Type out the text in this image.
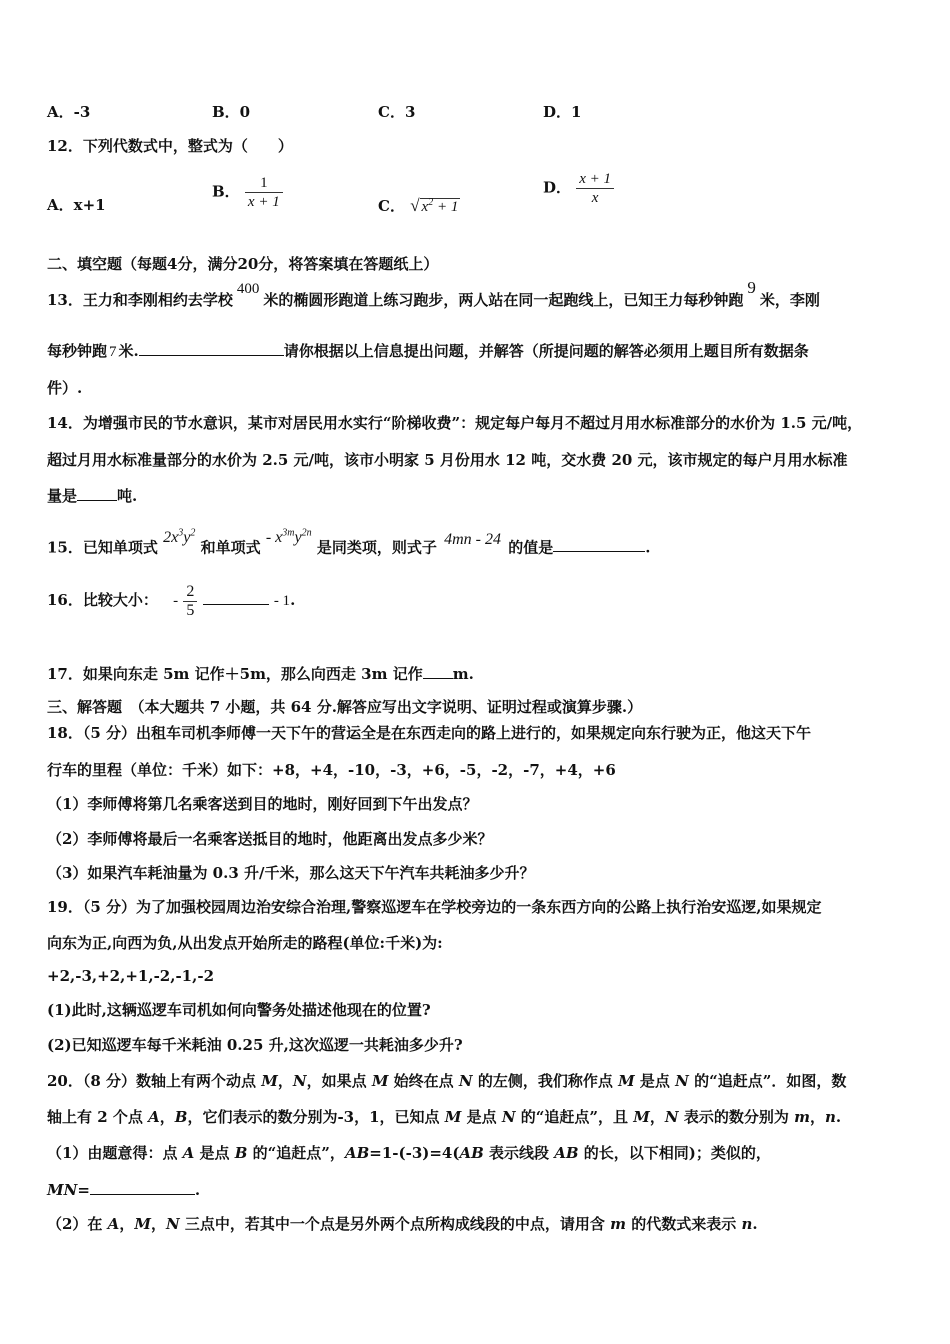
A．-3	B．0	C．3	D．1
12．下列代数式中，整式为（　　）
A．x+1
B． $\frac{1}{x + 1}$	C． √ $x^2 + 1$
D． $\frac{x + 1}{x}$
二、填空题（每题4分，满分20分，将答案填在答题纸上）
13．王力和李刚相约去学校400米的椭圆形跑道上练习跑步，两人站在同一起跑线上，已知王力每秒钟跑9米，李刚
每秒钟跑 7 米.	请你根据以上信息提出问题，并解答（所提问题的解答必须用上题目所有数据条
件）.
14．为增强市民的节水意识，某市对居民用水实行“阶梯收费”：规定每户每月不超过月用水标准部分的水价为 1.5 元/吨，
超过月用水标准量部分的水价为 2.5 元/吨，该市小明家 5 月份用水 12 吨，交水费 20 元，该市规定的每户月用水标准
量是	吨.
15．已知单项式 $2x^3y^2$ 和单项式 - $x^{3m}y^{2n}$ 是同类项，则式子 4mn - 24 的值是	.
16．比较大小： - $\frac{2}{5}$	- 1.
17．如果向东走 5m 记作＋5m，那么向西走 3m 记作 m.
三、解答题　（本大题共 7 小题，共 64 分.解答应写出文字说明、证明过程或演算步骤.）
18．（5 分）出租车司机李师傅一天下午的营运全是在东西走向的路上进行的，如果规定向东行驶为正，他这天下午
行车的里程（单位：千米）如下：+8，+4，-10，-3，+6，-5，-2，-7，+4，+6
（1）李师傅将第几名乘客送到目的地时，刚好回到下午出发点？
（2）李师傅将最后一名乘客送抵目的地时，他距离出发点多少米？
（3）如果汽车耗油量为 0.3 升/千米，那么这天下午汽车共耗油多少升？
19．（5 分）为了加强校园周边治安综合治理,警察巡逻车在学校旁边的一条东西方向的公路上执行治安巡逻,如果规定
向东为正,向西为负,从出发点开始所走的路程(单位:千米)为:
+2,-3,+2,+1,-2,-1,-2
(1)此时,这辆巡逻车司机如何向警务处描述他现在的位置?
(2)已知巡逻车每千米耗油 0.25 升,这次巡逻一共耗油多少升?
20．（8 分）数轴上有两个动点 M，N，如果点 M 始终在点 N 的左侧，我们称作点 M 是点 N 的“追赶点”．如图，数
轴上有 2 个点 A，B，它们表示的数分别为-3，1，已知点 M 是点 N 的“追赶点”，且 M，N 表示的数分别为 m，n.
（1）由题意得：点 A 是点 B 的“追赶点”，AB=1-(-3)=4(AB 表示线段 AB 的长，以下相同)；类似的，
MN=	.
（2）在 A，M，N 三点中，若其中一个点是另外两个点所构成线段的中点，请用含 m 的代数式来表示 n.
